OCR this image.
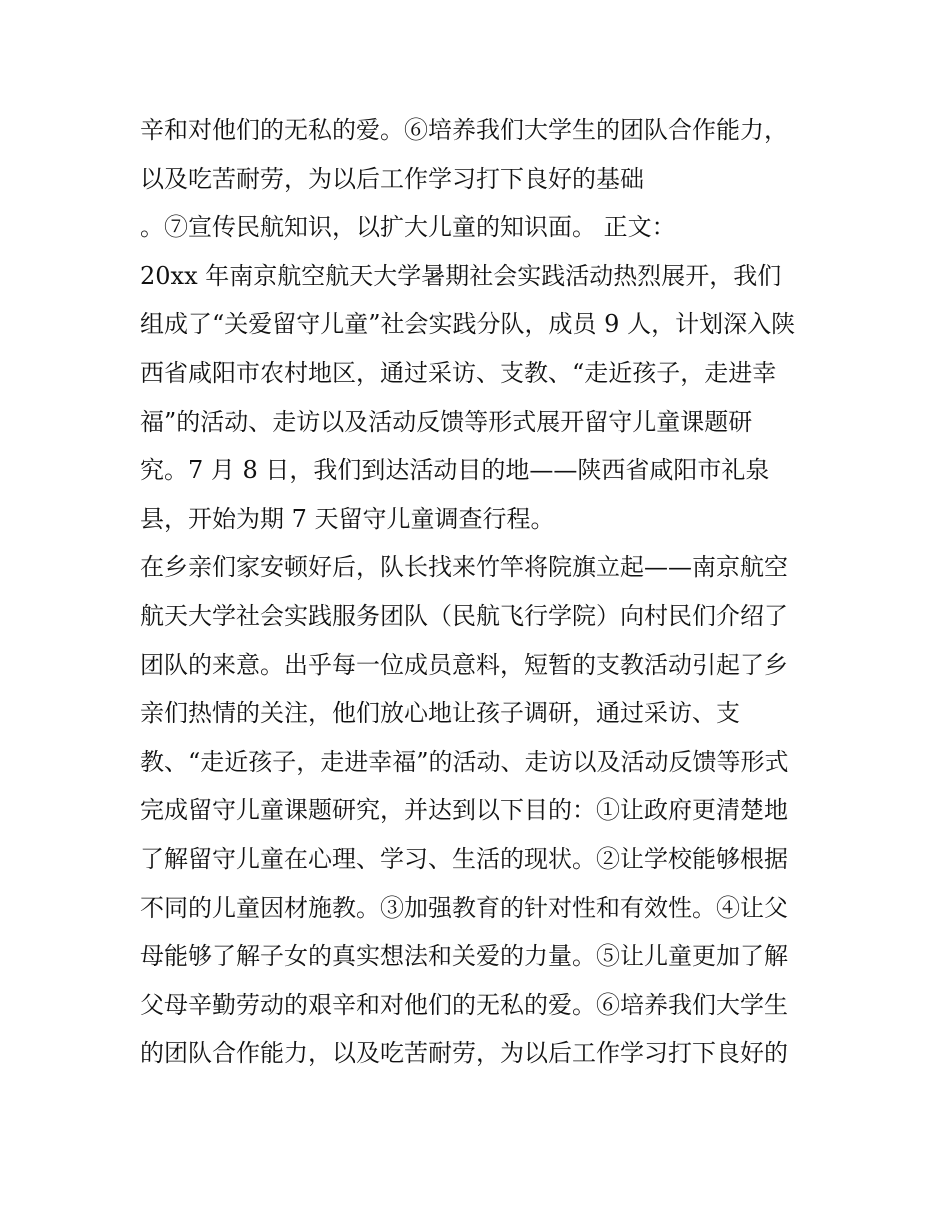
辛和对他们的无私的爱。⑥培养我们大学生的团队合作能力，
以及吃苦耐劳，为以后工作学习打下良好的基础
。⑦宣传民航知识，以扩大儿童的知识面。 正文：
20xx 年南京航空航天大学暑期社会实践活动热烈展开，我们
组成了“关爱留守儿童”社会实践分队，成员 9 人，计划深入陕
西省咸阳市农村地区，通过采访、支教、“走近孩子，走进幸
福”的活动、走访以及活动反馈等形式展开留守儿童课题研
究。7 月 8 日，我们到达活动目的地——陕西省咸阳市礼泉
县，开始为期 7 天留守儿童调查行程。
在乡亲们家安顿好后，队长找来竹竿将院旗立起——南京航空
航天大学社会实践服务团队（民航飞行学院）向村民们介绍了
团队的来意。出乎每一位成员意料，短暂的支教活动引起了乡
亲们热情的关注，他们放心地让孩子调研，通过采访、支
教、“走近孩子，走进幸福”的活动、走访以及活动反馈等形式
完成留守儿童课题研究，并达到以下目的：①让政府更清楚地
了解留守儿童在心理、学习、生活的现状。②让学校能够根据
不同的儿童因材施教。③加强教育的针对性和有效性。④让父
母能够了解子女的真实想法和关爱的力量。⑤让儿童更加了解
父母辛勤劳动的艰辛和对他们的无私的爱。⑥培养我们大学生
的团队合作能力，以及吃苦耐劳，为以后工作学习打下良好的
